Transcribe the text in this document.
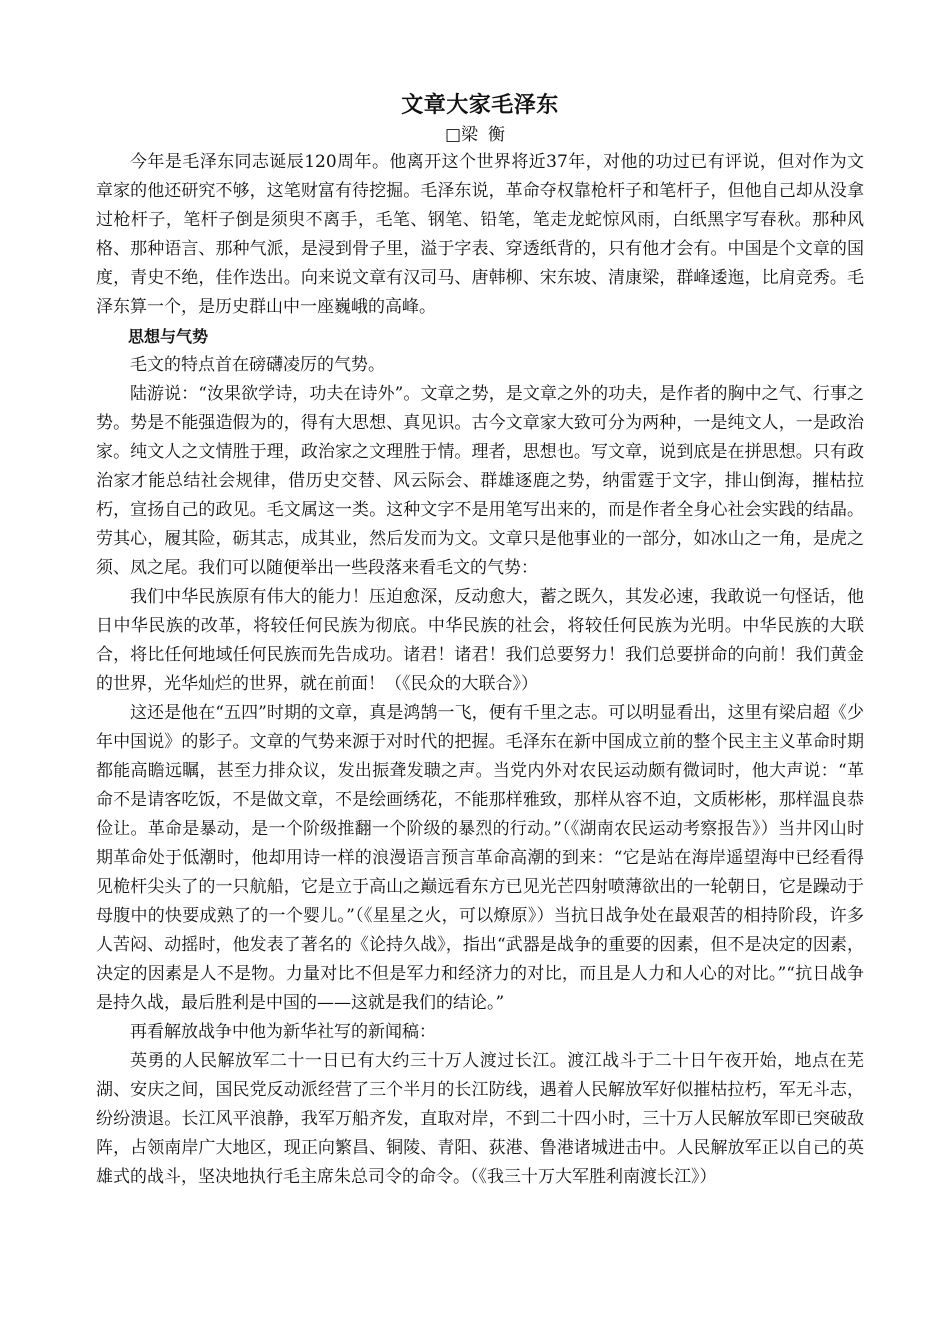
文章大家毛泽东
□梁衡

今年是毛泽东同志诞辰120周年。他离开这个世界将近37年，对他的功过已有评说，但对作为文章家的他还研究不够，这笔财富有待挖掘。毛泽东说，革命夺权靠枪杆子和笔杆子，但他自己却从没拿过枪杆子，笔杆子倒是须臾不离手，毛笔、钢笔、铅笔，笔走龙蛇惊风雨，白纸黑字写春秋。那种风格、那种语言、那种气派，是浸到骨子里，溢于字表、穿透纸背的，只有他才会有。中国是个文章的国度，青史不绝，佳作迭出。向来说文章有汉司马、唐韩柳、宋东坡、清康梁，群峰逶迤，比肩竞秀。毛泽东算一个，是历史群山中一座巍峨的高峰。

思想与气势

毛文的特点首在磅礴凌厉的气势。

陆游说：“汝果欲学诗，功夫在诗外”。文章之势，是文章之外的功夫，是作者的胸中之气、行事之势。势是不能强造假为的，得有大思想、真见识。古今文章家大致可分为两种，一是纯文人，一是政治家。纯文人之文情胜于理，政治家之文理胜于情。理者，思想也。写文章，说到底是在拼思想。只有政治家才能总结社会规律，借历史交替、风云际会、群雄逐鹿之势，纳雷霆于文字，排山倒海，摧枯拉朽，宣扬自己的政见。毛文属这一类。这种文字不是用笔写出来的，而是作者全身心社会实践的结晶。劳其心，履其险，砺其志，成其业，然后发而为文。文章只是他事业的一部分，如冰山之一角，是虎之须、凤之尾。我们可以随便举出一些段落来看毛文的气势：

我们中华民族原有伟大的能力！压迫愈深，反动愈大，蓄之既久，其发必速，我敢说一句怪话，他日中华民族的改革，将较任何民族为彻底。中华民族的社会，将较任何民族为光明。中华民族的大联合，将比任何地域任何民族而先告成功。诸君！诸君！我们总要努力！我们总要拼命的向前！我们黄金的世界，光华灿烂的世界，就在前面！（《民众的大联合》）

这还是他在“五四”时期的文章，真是鸿鹄一飞，便有千里之志。可以明显看出，这里有梁启超《少年中国说》的影子。文章的气势来源于对时代的把握。毛泽东在新中国成立前的整个民主主义革命时期都能高瞻远瞩，甚至力排众议，发出振聋发聩之声。当党内外对农民运动颇有微词时，他大声说：“革命不是请客吃饭，不是做文章，不是绘画绣花，不能那样雅致，那样从容不迫，文质彬彬，那样温良恭俭让。革命是暴动，是一个阶级推翻一个阶级的暴烈的行动。”（《湖南农民运动考察报告》）当井冈山时期革命处于低潮时，他却用诗一样的浪漫语言预言革命高潮的到来：“它是站在海岸遥望海中已经看得见桅杆尖头了的一只航船，它是立于高山之巅远看东方已见光芒四射喷薄欲出的一轮朝日，它是躁动于母腹中的快要成熟了的一个婴儿。”（《星星之火，可以燎原》）当抗日战争处在最艰苦的相持阶段，许多人苦闷、动摇时，他发表了著名的《论持久战》，指出“武器是战争的重要的因素，但不是决定的因素，决定的因素是人不是物。力量对比不但是军力和经济力的对比，而且是人力和人心的对比。”“抗日战争是持久战，最后胜利是中国的——这就是我们的结论。”

再看解放战争中他为新华社写的新闻稿：

英勇的人民解放军二十一日已有大约三十万人渡过长江。渡江战斗于二十日午夜开始，地点在芜湖、安庆之间，国民党反动派经营了三个半月的长江防线，遇着人民解放军好似摧枯拉朽，军无斗志，纷纷溃退。长江风平浪静，我军万船齐发，直取对岸，不到二十四小时，三十万人民解放军即已突破敌阵，占领南岸广大地区，现正向繁昌、铜陵、青阳、荻港、鲁港诸城进击中。人民解放军正以自己的英雄式的战斗，坚决地执行毛主席朱总司令的命令。（《我三十万大军胜利南渡长江》）
